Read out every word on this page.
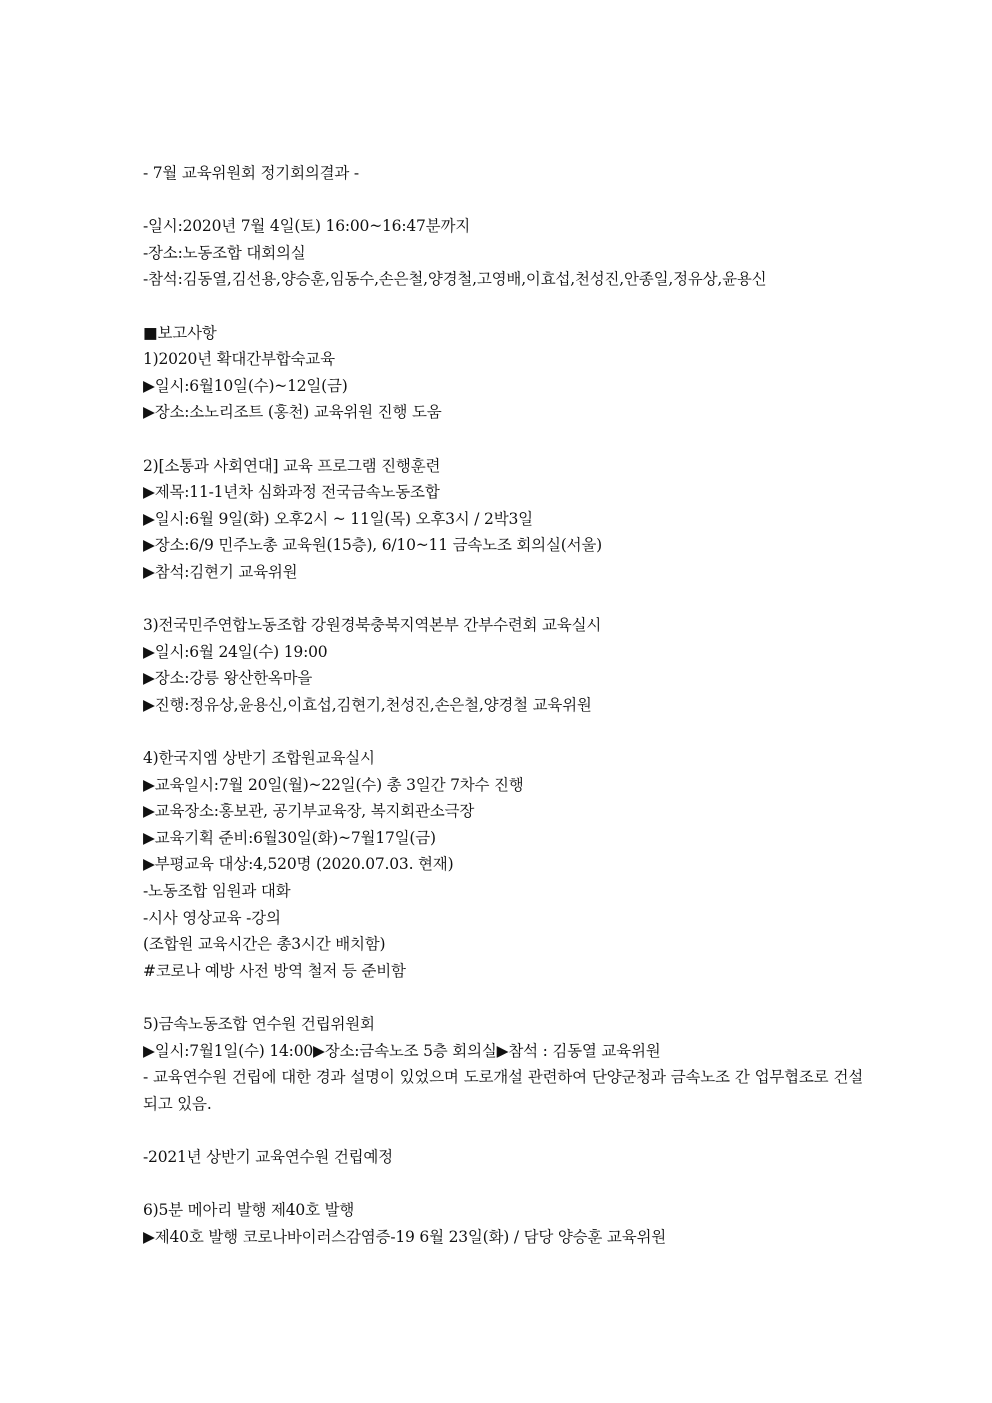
- 7월 교육위원회 정기회의결과 -
-일시:2020년 7월 4일(토) 16:00~16:47분까지
-장소:노동조합 대회의실
-참석:김동열,김선용,양승훈,임동수,손은철,양경철,고영배,이효섭,천성진,안종일,정유상,윤용신
■보고사항
1)2020년 확대간부합숙교육
▶일시:6월10일(수)~12일(금)
▶장소:소노리조트 (홍천) 교육위원 진행 도움
2)[소통과 사회연대] 교육 프로그램 진행훈련
▶제목:11-1년차 심화과정 전국금속노동조합
▶일시:6월 9일(화) 오후2시 ~ 11일(목) 오후3시 / 2박3일
▶장소:6/9 민주노총 교육원(15층), 6/10~11 금속노조 회의실(서울)
▶참석:김현기 교육위원
3)전국민주연합노동조합 강원경북충북지역본부 간부수련회 교육실시
▶일시:6월 24일(수) 19:00
▶장소:강릉 왕산한옥마을
▶진행:정유상,윤용신,이효섭,김현기,천성진,손은철,양경철 교육위원
4)한국지엠 상반기 조합원교육실시
▶교육일시:7월 20일(월)~22일(수) 총 3일간 7차수 진행
▶교육장소:홍보관, 공기부교육장, 복지회관소극장
▶교육기획 준비:6월30일(화)~7월17일(금)
▶부평교육 대상:4,520명 (2020.07.03. 현재)
-노동조합 임원과 대화
-시사 영상교육 -강의
(조합원 교육시간은 총3시간 배치함)
#코로나 예방 사전 방역 철저 등 준비함
5)금속노동조합 연수원 건립위원회
▶일시:7월1일(수) 14:00▶장소:금속노조 5층 회의실▶참석 : 김동열 교육위원
- 교육연수원 건립에 대한 경과 설명이 있었으며 도로개설 관련하여 단양군청과 금속노조 간 업무협조로 건설되고 있음.
-2021년 상반기 교육연수원 건립예정
6)5분 메아리 발행 제40호 발행
▶제40호 발행 코로나바이러스감염증-19 6월 23일(화) / 담당 양승훈 교육위원
